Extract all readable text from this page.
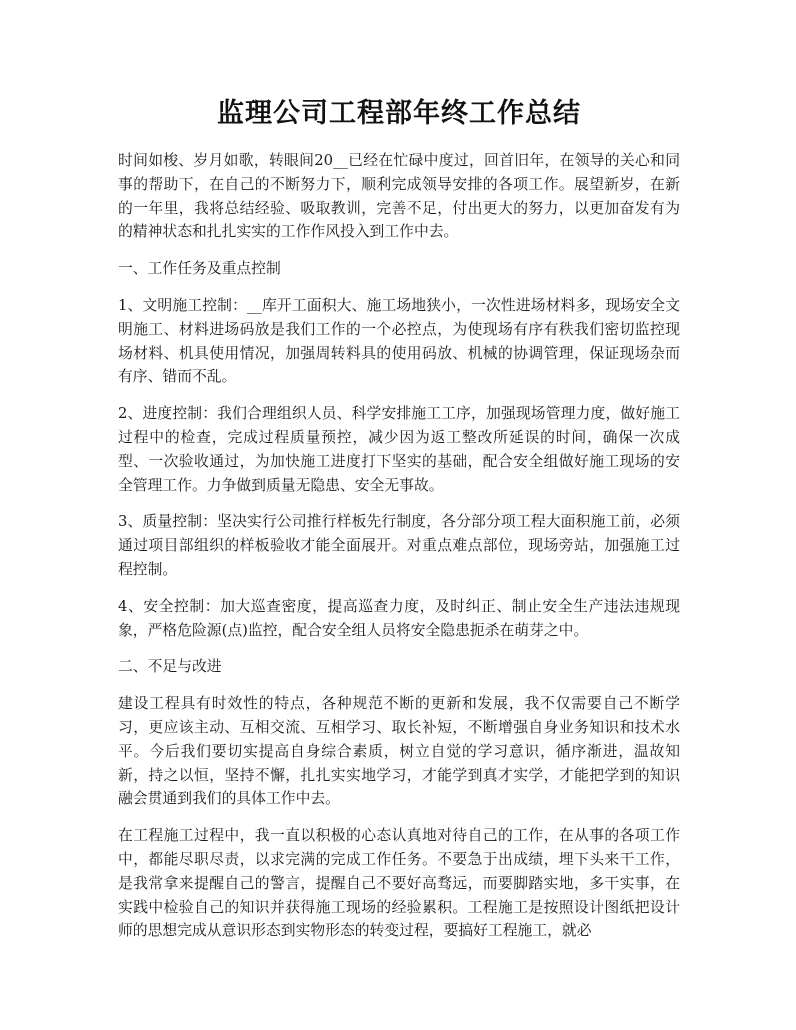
监理公司工程部年终工作总结

时间如梭、岁月如歌，转眼间20__已经在忙碌中度过，回首旧年，在领导的关心和同事的帮助下，在自己的不断努力下，顺利完成领导安排的各项工作。展望新岁，在新的一年里，我将总结经验、吸取教训，完善不足，付出更大的努力，以更加奋发有为的精神状态和扎扎实实的工作作风投入到工作中去。

一、工作任务及重点控制

1、文明施工控制：__库开工面积大、施工场地狭小，一次性进场材料多，现场安全文明施工、材料进场码放是我们工作的一个必控点，为使现场有序有秩我们密切监控现场材料、机具使用情况，加强周转料具的使用码放、机械的协调管理，保证现场杂而有序、错而不乱。

2、进度控制：我们合理组织人员、科学安排施工工序，加强现场管理力度，做好施工过程中的检查，完成过程质量预控，减少因为返工整改所延误的时间，确保一次成型、一次验收通过，为加快施工进度打下坚实的基础，配合安全组做好施工现场的安全管理工作。力争做到质量无隐患、安全无事故。

3、质量控制：坚决实行公司推行样板先行制度，各分部分项工程大面积施工前，必须通过项目部组织的样板验收才能全面展开。对重点难点部位，现场旁站，加强施工过程控制。

4、安全控制：加大巡查密度，提高巡查力度，及时纠正、制止安全生产违法违规现象，严格危险源(点)监控，配合安全组人员将安全隐患扼杀在萌芽之中。

二、不足与改进

建设工程具有时效性的特点，各种规范不断的更新和发展，我不仅需要自己不断学习，更应该主动、互相交流、互相学习、取长补短，不断增强自身业务知识和技术水平。今后我们要切实提高自身综合素质，树立自觉的学习意识，循序渐进，温故知新，持之以恒，坚持不懈，扎扎实实地学习，才能学到真才实学，才能把学到的知识融会贯通到我们的具体工作中去。

在工程施工过程中，我一直以积极的心态认真地对待自己的工作，在从事的各项工作中，都能尽职尽责，以求完满的完成工作任务。不要急于出成绩，埋下头来干工作，是我常拿来提醒自己的警言，提醒自己不要好高骛远，而要脚踏实地，多干实事，在实践中检验自己的知识并获得施工现场的经验累积。工程施工是按照设计图纸把设计师的思想完成从意识形态到实物形态的转变过程，要搞好工程施工，就必
